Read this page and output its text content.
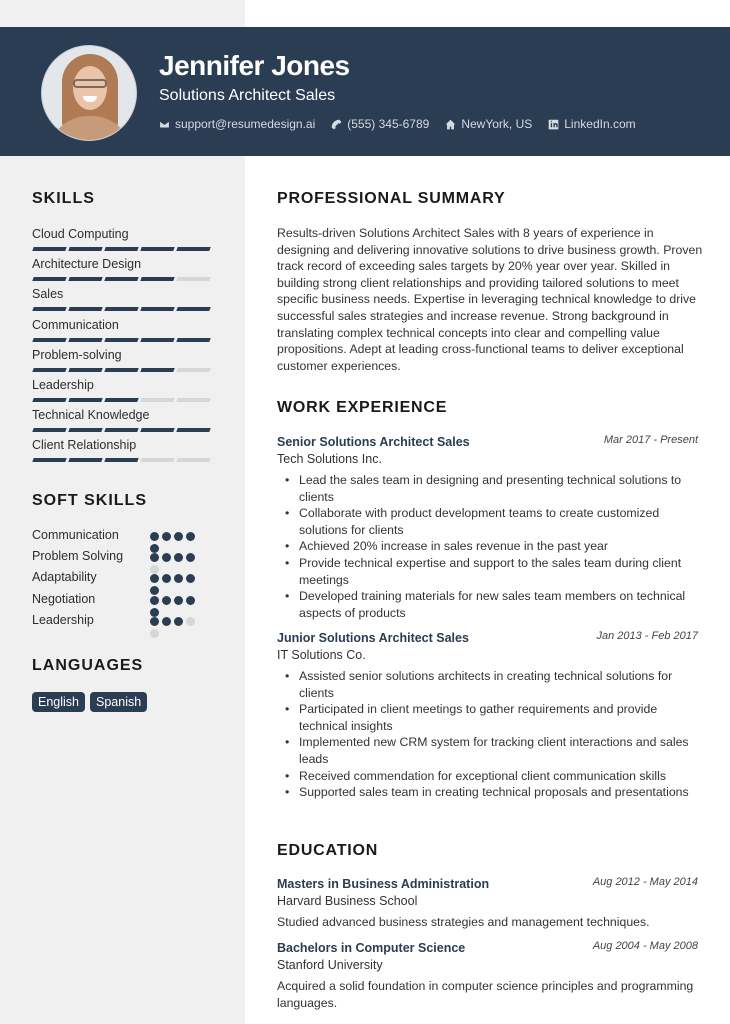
Jennifer Jones
Solutions Architect Sales
support@resumedesign.ai	(555) 345-6789	NewYork, US	LinkedIn.com
SKILLS
Cloud Computing
Architecture Design
Sales
Communication
Problem-solving
Leadership
Technical Knowledge
Client Relationship
SOFT SKILLS
Communication
Problem Solving
Adaptability
Negotiation
Leadership
LANGUAGES
English	Spanish
PROFESSIONAL SUMMARY
Results-driven Solutions Architect Sales with 8 years of experience in designing and delivering innovative solutions to drive business growth. Proven track record of exceeding sales targets by 20% year over year. Skilled in building strong client relationships and providing tailored solutions to meet specific business needs. Expertise in leveraging technical knowledge to drive successful sales strategies and increase revenue. Strong background in translating complex technical concepts into clear and compelling value propositions. Adept at leading cross-functional teams to deliver exceptional customer experiences.
WORK EXPERIENCE
Senior Solutions Architect Sales	Mar 2017 - Present
Tech Solutions Inc.
• Lead the sales team in designing and presenting technical solutions to clients
• Collaborate with product development teams to create customized solutions for clients
• Achieved 20% increase in sales revenue in the past year
• Provide technical expertise and support to the sales team during client meetings
• Developed training materials for new sales team members on technical aspects of products
Junior Solutions Architect Sales	Jan 2013 - Feb 2017
IT Solutions Co.
• Assisted senior solutions architects in creating technical solutions for clients
• Participated in client meetings to gather requirements and provide technical insights
• Implemented new CRM system for tracking client interactions and sales leads
• Received commendation for exceptional client communication skills
• Supported sales team in creating technical proposals and presentations
EDUCATION
Masters in Business Administration	Aug 2012 - May 2014
Harvard Business School
Studied advanced business strategies and management techniques.
Bachelors in Computer Science	Aug 2004 - May 2008
Stanford University
Acquired a solid foundation in computer science principles and programming languages.
